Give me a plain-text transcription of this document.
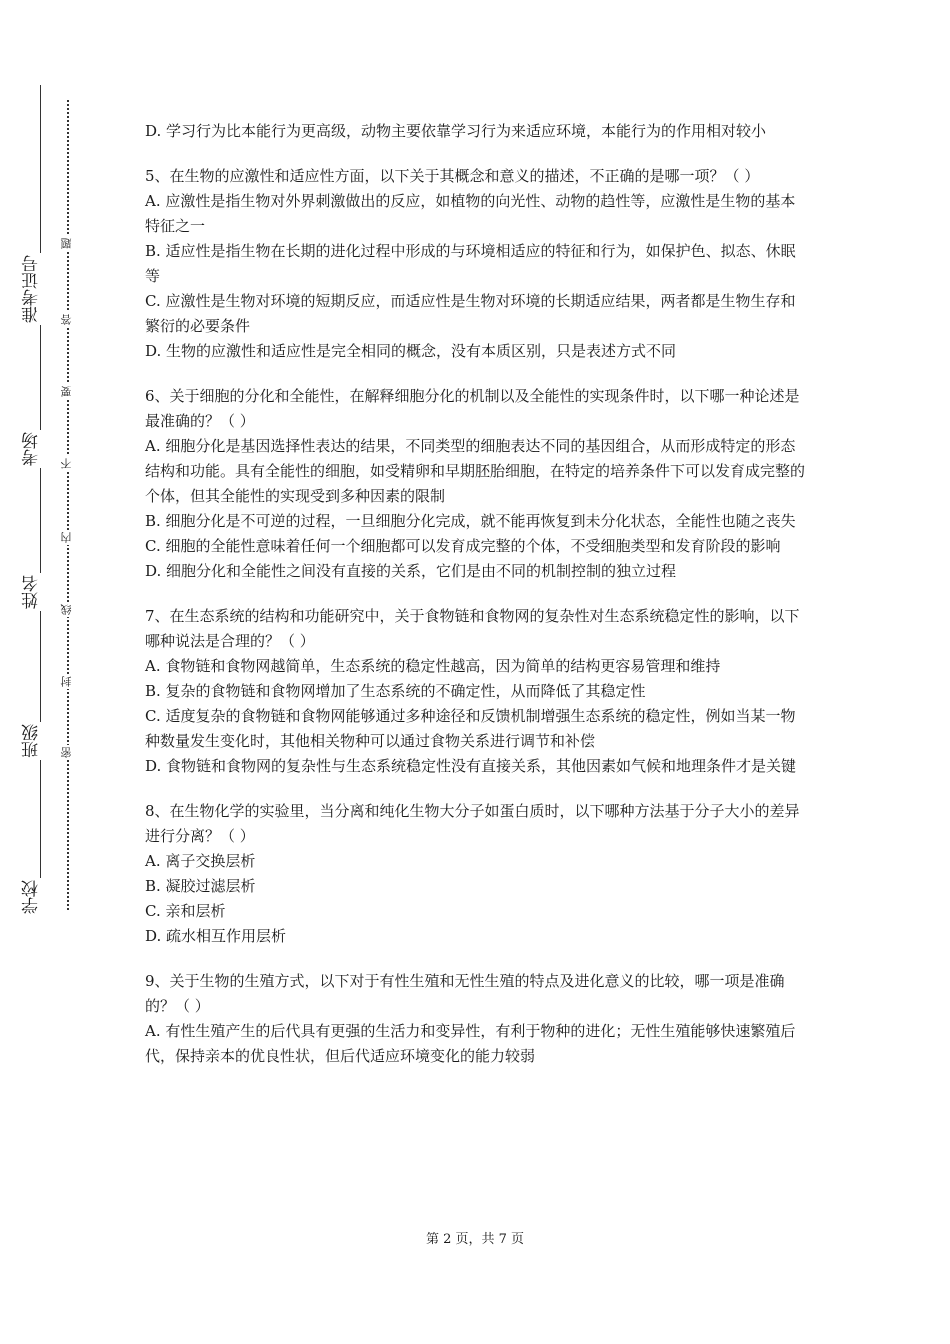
准考证号
考场
姓名
班级
学校
题
答
要
不
内
线
封
密

D. 学习行为比本能行为更高级，动物主要依靠学习行为来适应环境，本能行为的作用相对较小

5、在生物的应激性和适应性方面，以下关于其概念和意义的描述，不正确的是哪一项？（ ）

A. 应激性是指生物对外界刺激做出的反应，如植物的向光性、动物的趋性等，应激性是生物的基本特征之一

B. 适应性是指生物在长期的进化过程中形成的与环境相适应的特征和行为，如保护色、拟态、休眠等

C. 应激性是生物对环境的短期反应，而适应性是生物对环境的长期适应结果，两者都是生物生存和繁衍的必要条件

D. 生物的应激性和适应性是完全相同的概念，没有本质区别，只是表述方式不同

6、关于细胞的分化和全能性，在解释细胞分化的机制以及全能性的实现条件时，以下哪一种论述是最准确的？（ ）

A. 细胞分化是基因选择性表达的结果，不同类型的细胞表达不同的基因组合，从而形成特定的形态结构和功能。具有全能性的细胞，如受精卵和早期胚胎细胞，在特定的培养条件下可以发育成完整的个体，但其全能性的实现受到多种因素的限制

B. 细胞分化是不可逆的过程，一旦细胞分化完成，就不能再恢复到未分化状态，全能性也随之丧失

C. 细胞的全能性意味着任何一个细胞都可以发育成完整的个体，不受细胞类型和发育阶段的影响

D. 细胞分化和全能性之间没有直接的关系，它们是由不同的机制控制的独立过程

7、在生态系统的结构和功能研究中，关于食物链和食物网的复杂性对生态系统稳定性的影响，以下哪种说法是合理的？（ ）

A. 食物链和食物网越简单，生态系统的稳定性越高，因为简单的结构更容易管理和维持

B. 复杂的食物链和食物网增加了生态系统的不确定性，从而降低了其稳定性

C. 适度复杂的食物链和食物网能够通过多种途径和反馈机制增强生态系统的稳定性，例如当某一物种数量发生变化时，其他相关物种可以通过食物关系进行调节和补偿

D. 食物链和食物网的复杂性与生态系统稳定性没有直接关系，其他因素如气候和地理条件才是关键

8、在生物化学的实验里，当分离和纯化生物大分子如蛋白质时，以下哪种方法基于分子大小的差异进行分离？（ ）

A. 离子交换层析

B. 凝胶过滤层析

C. 亲和层析

D. 疏水相互作用层析

9、关于生物的生殖方式，以下对于有性生殖和无性生殖的特点及进化意义的比较，哪一项是准确的？（ ）

A. 有性生殖产生的后代具有更强的生活力和变异性，有利于物种的进化；无性生殖能够快速繁殖后代，保持亲本的优良性状，但后代适应环境变化的能力较弱

第 2 页，共 7 页
